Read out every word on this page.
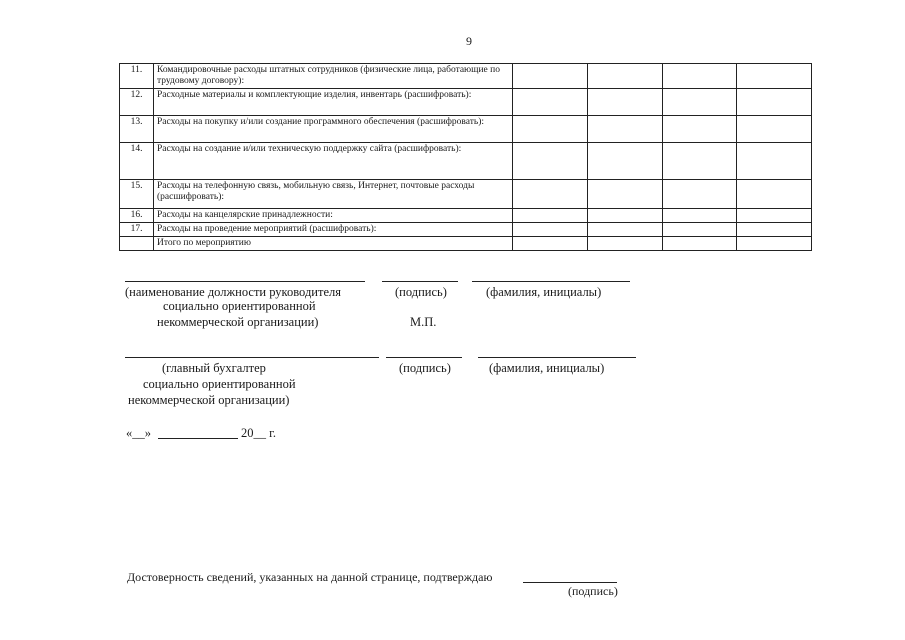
9
11.	Командировочные расходы штатных сотрудников (физические лица, работающие по трудовому договору):				
12.	Расходные материалы и комплектующие изделия, инвентарь (расшифровать):				
13.	Расходы на покупку и/или создание программного обеспечения (расшифровать):				
14.	Расходы на создание и/или техническую поддержку сайта (расшифровать):				
15.	Расходы на телефонную связь, мобильную связь, Интернет, почтовые расходы (расшифровать):				
16.	Расходы на канцелярские принадлежности:				
17.	Расходы на проведение мероприятий (расшифровать):				
	Итого по мероприятию				
(наименование должности руководителя	(подпись)	(фамилия, инициалы)
социально ориентированной
некоммерческой организации)	М.П.
(главный бухгалтер	(подпись)	(фамилия, инициалы)
социально ориентированной
некоммерческой организации)
«__»	20__ г.
Достоверность сведений, указанных на данной странице, подтверждаю
(подпись)
